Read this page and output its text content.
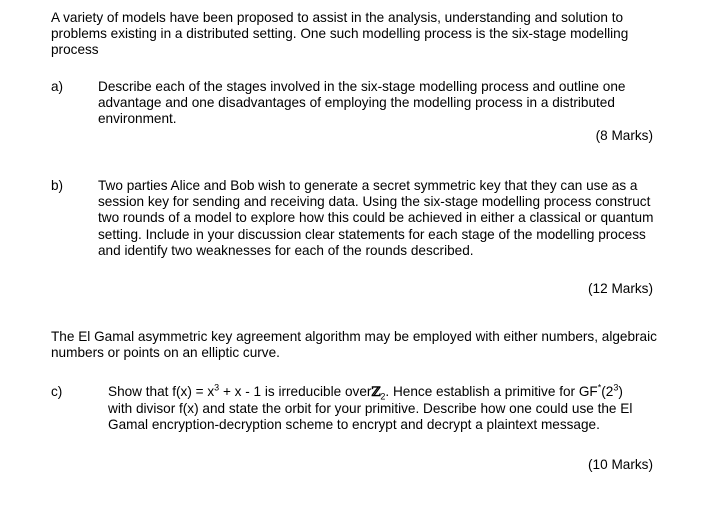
A variety of models have been proposed to assist in the analysis, understanding and solution to problems existing in a distributed setting. One such modelling process is the six-stage modelling process

a)	Describe each of the stages involved in the six-stage modelling process and outline one advantage and one disadvantages of employing the modelling process in a distributed environment.

(8 Marks)

b)	Two parties Alice and Bob wish to generate a secret symmetric key that they can use as a session key for sending and receiving data. Using the six-stage modelling process construct two rounds of a model to explore how this could be achieved in either a classical or quantum setting. Include in your discussion clear statements for each stage of the modelling process and identify two weaknesses for each of the rounds described.

(12 Marks)

The El Gamal asymmetric key agreement algorithm may be employed with either numbers, algebraic numbers or points on an elliptic curve.

c)	Show that $f(x) = x^3 + x - 1$ is irreducible overℤ$_2$. Hence establish a primitive for $GF^*(2^3)$ with divisor f(x) and state the orbit for your primitive. Describe how one could use the El Gamal encryption-decryption scheme to encrypt and decrypt a plaintext message.

(10 Marks)
